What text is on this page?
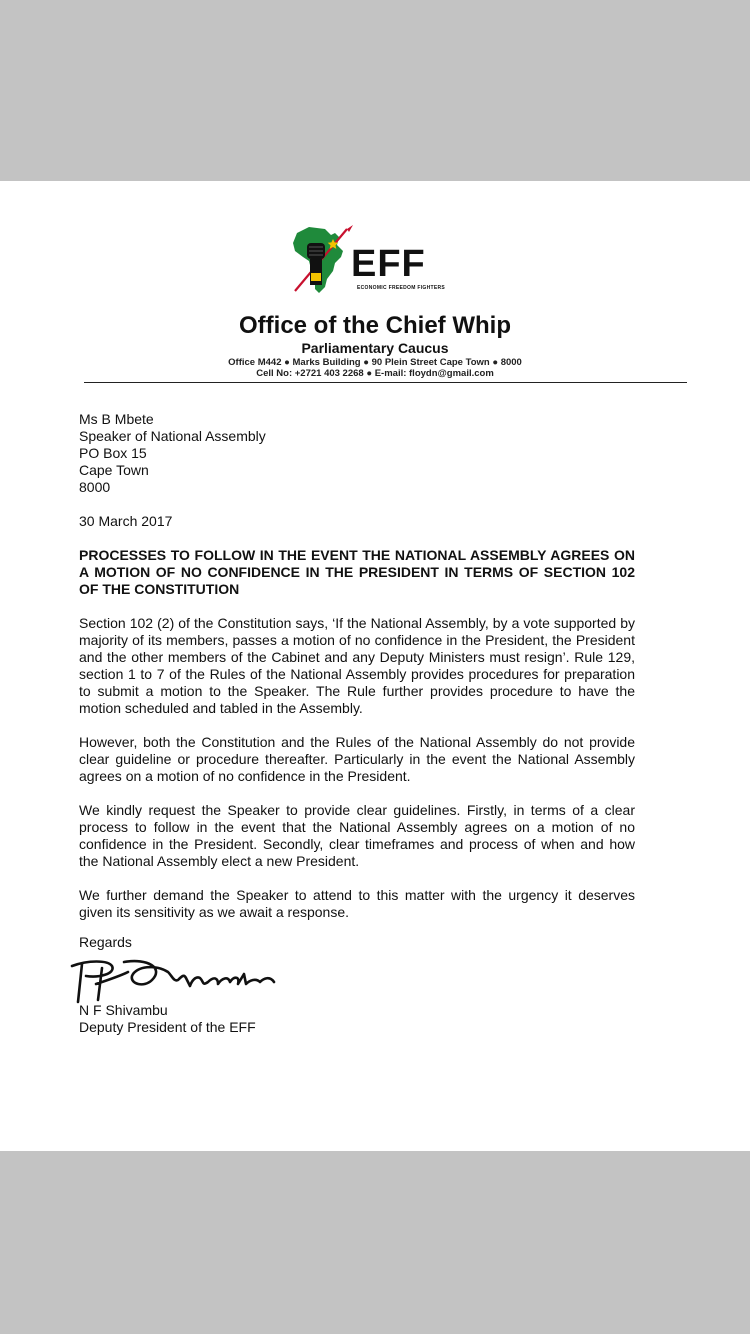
EFF
ECONOMIC FREEDOM FIGHTERS
Office of the Chief Whip
Parliamentary Caucus
Office M442 ● Marks Building ● 90 Plein Street Cape Town ● 8000
Cell No: +2721 403 2268 ● E-mail: floydn@gmail.com
Ms B Mbete
Speaker of National Assembly
PO Box 15
Cape Town
8000
30 March 2017
PROCESSES TO FOLLOW IN THE EVENT THE NATIONAL ASSEMBLY AGREES ON A MOTION OF NO CONFIDENCE IN THE PRESIDENT IN TERMS OF SECTION 102 OF THE CONSTITUTION
Section 102 (2) of the Constitution says, ‘If the National Assembly, by a vote supported by majority of its members, passes a motion of no confidence in the President, the President and the other members of the Cabinet and any Deputy Ministers must resign’. Rule 129, section 1 to 7 of the Rules of the National Assembly provides procedures for preparation to submit a motion to the Speaker. The Rule further provides procedure to have the motion scheduled and tabled in the Assembly.
However, both the Constitution and the Rules of the National Assembly do not provide clear guideline or procedure thereafter. Particularly in the event the National Assembly agrees on a motion of no confidence in the President.
We kindly request the Speaker to provide clear guidelines. Firstly, in terms of a clear process to follow in the event that the National Assembly agrees on a motion of no confidence in the President. Secondly, clear timeframes and process of when and how the National Assembly elect a new President.
We further demand the Speaker to attend to this matter with the urgency it deserves given its sensitivity as we await a response.
Regards
N F Shivambu
Deputy President of the EFF
